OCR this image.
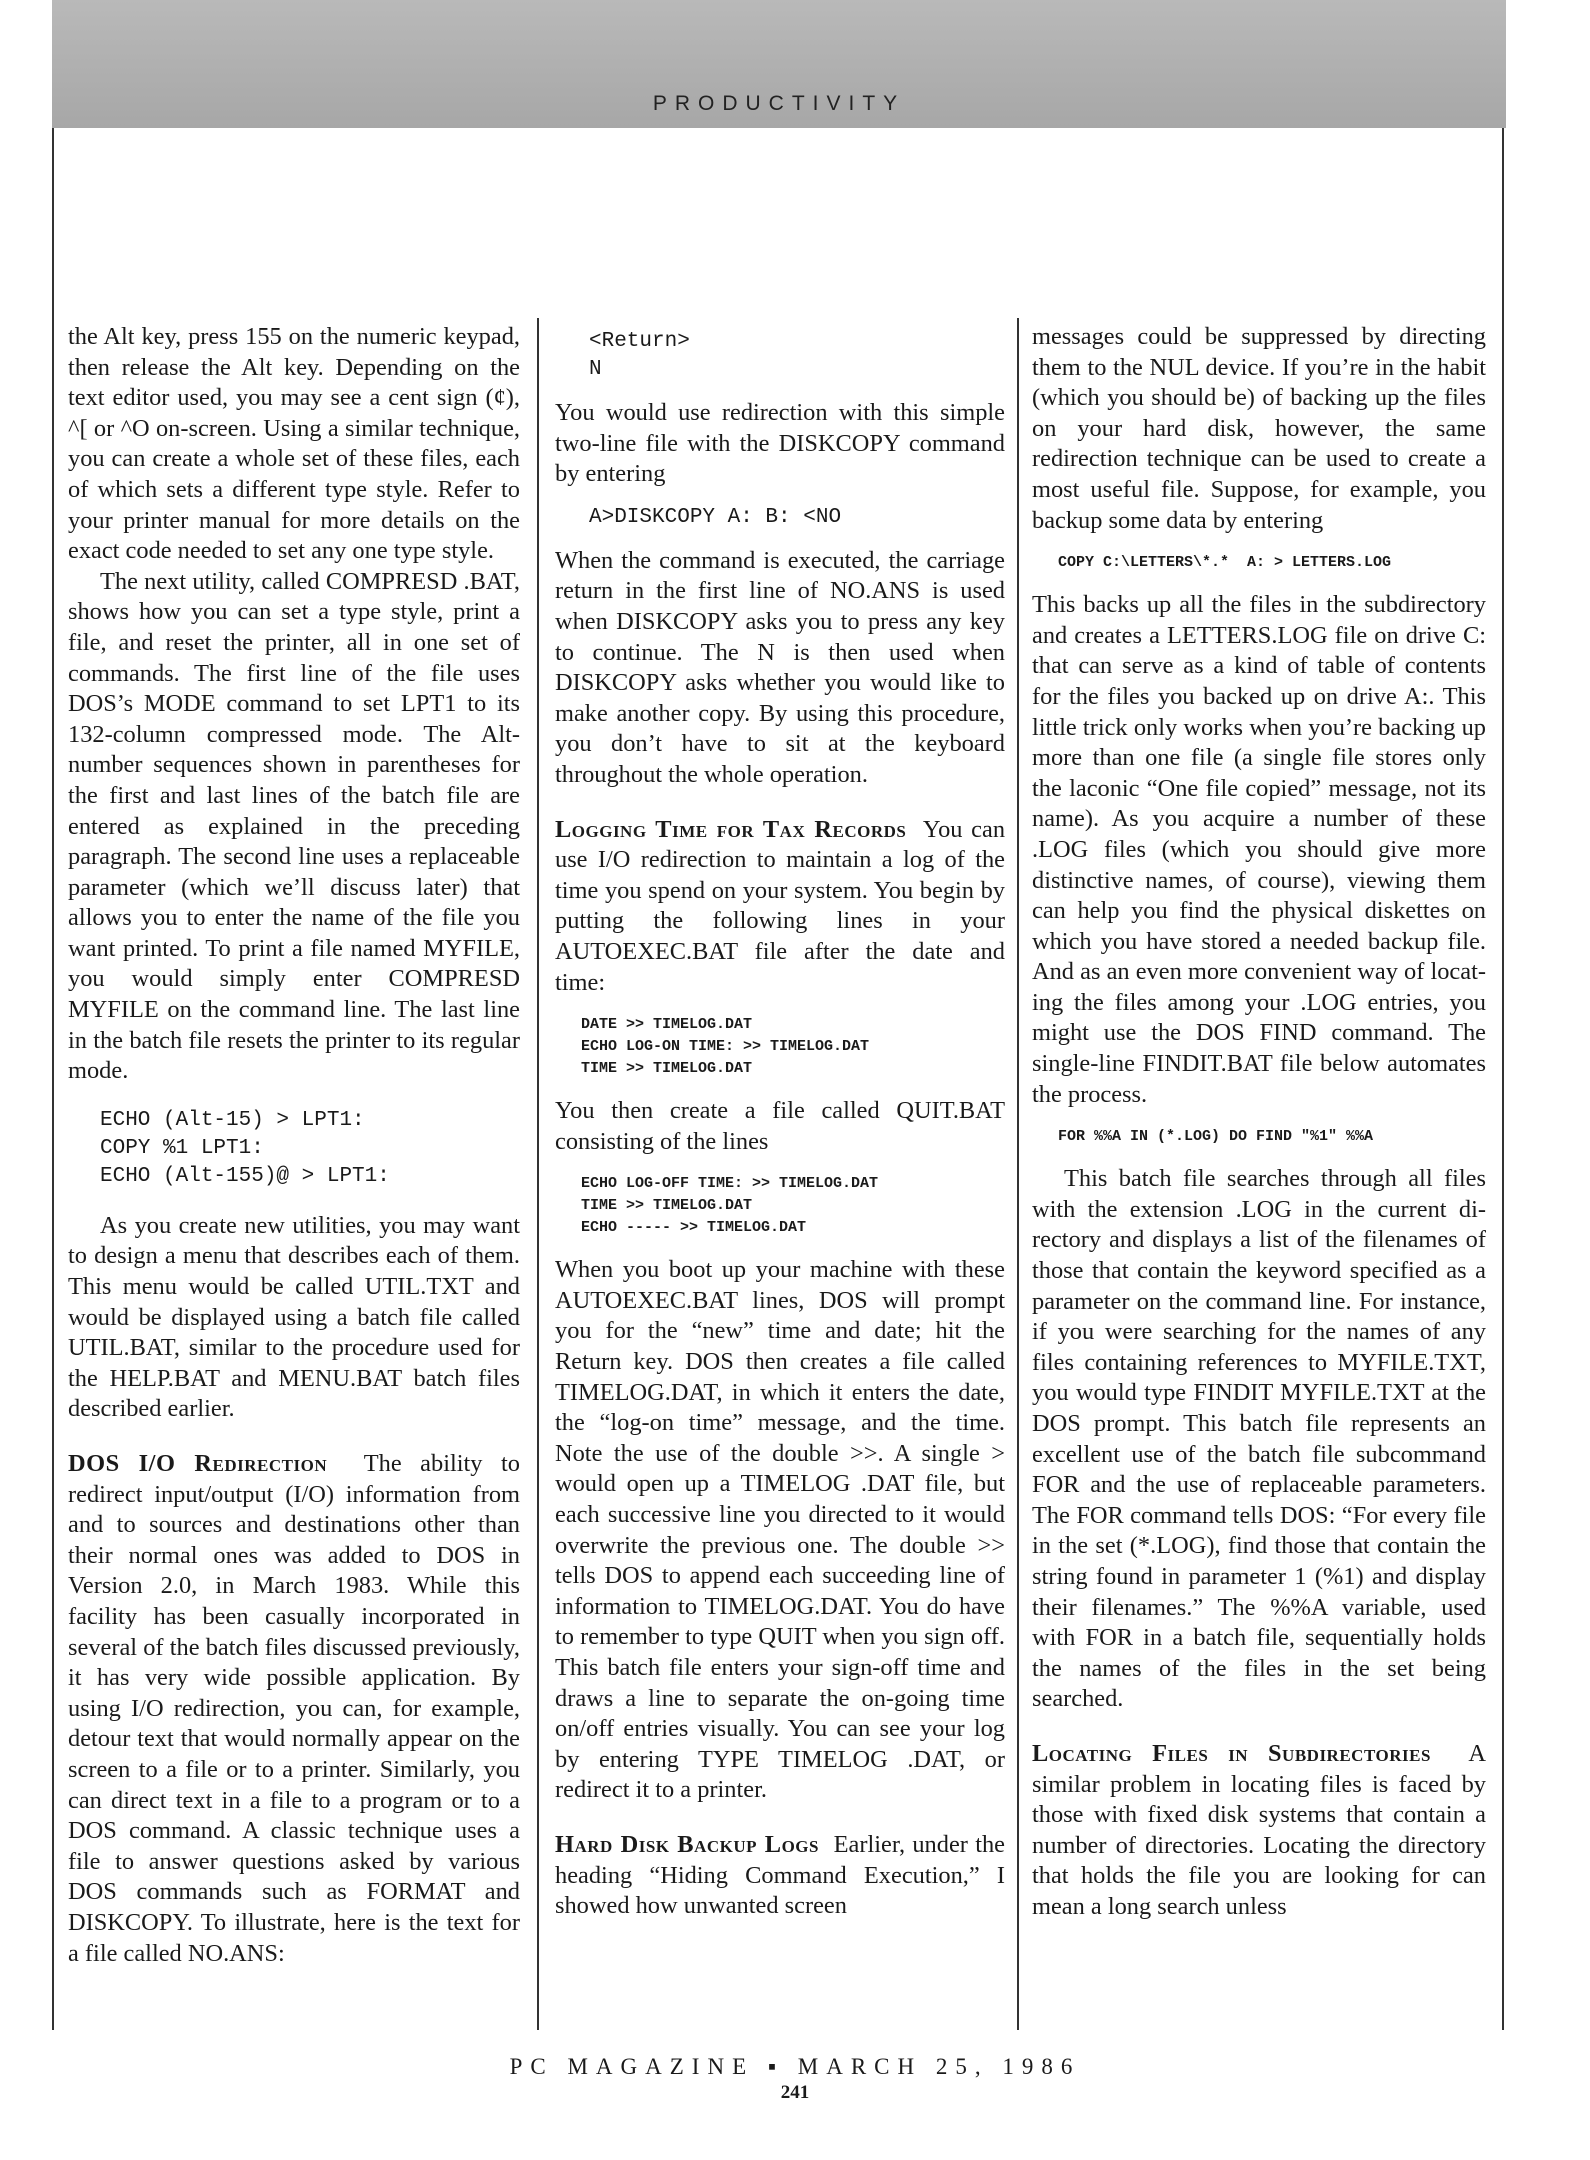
PRODUCTIVITY

the Alt key, press 155 on the numeric keypad, then release the Alt key. Depending on the text editor used, you may see a cent sign (¢), ^[ or ^O on-screen. Using a similar technique, you can create a whole set of these files, each of which sets a different type style. Refer to your printer manual for more details on the exact code needed to set any one type style.

The next utility, called COMPRESD .BAT, shows how you can set a type style, print a file, and reset the printer, all in one set of commands. The first line of the file uses DOS’s MODE command to set LPT1 to its 132-column compressed mode. The Alt-number sequences shown in parentheses for the first and last lines of the batch file are entered as explained in the preceding paragraph. The second line uses a replaceable parameter (which we’ll discuss later) that allows you to enter the name of the file you want printed. To print a file named MYFILE, you would simply enter COMPRESD MYFILE on the command line. The last line in the batch file resets the printer to its regular mode.

ECHO (Alt-15) > LPT1:
COPY %1 LPT1:
ECHO (Alt-155)@ > LPT1:

As you create new utilities, you may want to design a menu that describes each of them. This menu would be called UTIL.TXT and would be displayed using a batch file called UTIL.BAT, similar to the procedure used for the HELP.BAT and MENU.BAT batch files described earlier.

DOS I/O Redirection The ability to redirect input/output (I/O) information from and to sources and destinations other than their normal ones was added to DOS in Version 2.0, in March 1983. While this facility has been casually incorporated in several of the batch files discussed previously, it has very wide possible application. By using I/O redirection, you can, for example, detour text that would normally appear on the screen to a file or to a printer. Similarly, you can direct text in a file to a program or to a DOS command. A classic technique uses a file to answer questions asked by various DOS commands such as FORMAT and DISKCOPY. To illustrate, here is the text for a file called NO.ANS:

<Return>
N

You would use redirection with this simple two-line file with the DISKCOPY command by entering

A>DISKCOPY A: B: <NO

When the command is executed, the carriage return in the first line of NO.ANS is used when DISKCOPY asks you to press any key to continue. The N is then used when DISKCOPY asks whether you would like to make another copy. By using this procedure, you don’t have to sit at the keyboard throughout the whole operation.

Logging Time for Tax Records You can use I/O redirection to maintain a log of the time you spend on your system. You begin by putting the following lines in your AUTOEXEC.BAT file after the date and time:

DATE >> TIMELOG.DAT
ECHO LOG-ON TIME: >> TIMELOG.DAT
TIME >> TIMELOG.DAT

You then create a file called QUIT.BAT consisting of the lines

ECHO LOG-OFF TIME: >> TIMELOG.DAT
TIME >> TIMELOG.DAT
ECHO ----- >> TIMELOG.DAT

When you boot up your machine with these AUTOEXEC.BAT lines, DOS will prompt you for the “new” time and date; hit the Return key. DOS then creates a file called TIMELOG.DAT, in which it enters the date, the “log-on time” message, and the time. Note the use of the double >>. A single > would open up a TIMELOG .DAT file, but each successive line you directed to it would overwrite the previous one. The double >> tells DOS to append each succeeding line of information to TIMELOG.DAT. You do have to remember to type QUIT when you sign off. This batch file enters your sign-off time and draws a line to separate the on-going time on/off entries visually. You can see your log by entering TYPE TIMELOG .DAT, or redirect it to a printer.

Hard Disk Backup Logs Earlier, under the heading “Hiding Command Execution,” I showed how unwanted screen

messages could be suppressed by directing them to the NUL device. If you’re in the habit (which you should be) of backing up the files on your hard disk, however, the same redirection technique can be used to create a most useful file. Suppose, for example, you backup some data by entering

COPY C:\LETTERS\*.*  A: > LETTERS.LOG

This backs up all the files in the subdirectory and creates a LETTERS.LOG file on drive C: that can serve as a kind of table of contents for the files you backed up on drive A:. This little trick only works when you’re backing up more than one file (a single file stores only the laconic “One file copied” message, not its name). As you acquire a number of these .LOG files (which you should give more distinctive names, of course), viewing them can help you find the physical diskettes on which you have stored a needed backup file. And as an even more convenient way of locating the files among your .LOG entries, you might use the DOS FIND command. The single-line FINDIT.BAT file below automates the process.

FOR %%A IN (*.LOG) DO FIND "%1" %%A

This batch file searches through all files with the extension .LOG in the current directory and displays a list of the filenames of those that contain the keyword specified as a parameter on the command line. For instance, if you were searching for the names of any files containing references to MYFILE.TXT, you would type FINDIT MYFILE.TXT at the DOS prompt. This batch file represents an excellent use of the batch file subcommand FOR and the use of replaceable parameters. The FOR command tells DOS: “For every file in the set (*.LOG), find those that contain the string found in parameter 1 (%1) and display their filenames.” The %%A variable, used with FOR in a batch file, sequentially holds the names of the files in the set being searched.

Locating Files in Subdirectories A similar problem in locating files is faced by those with fixed disk systems that contain a number of directories. Locating the directory that holds the file you are looking for can mean a long search unless

PC MAGAZINE ▪ MARCH 25, 1986
241
